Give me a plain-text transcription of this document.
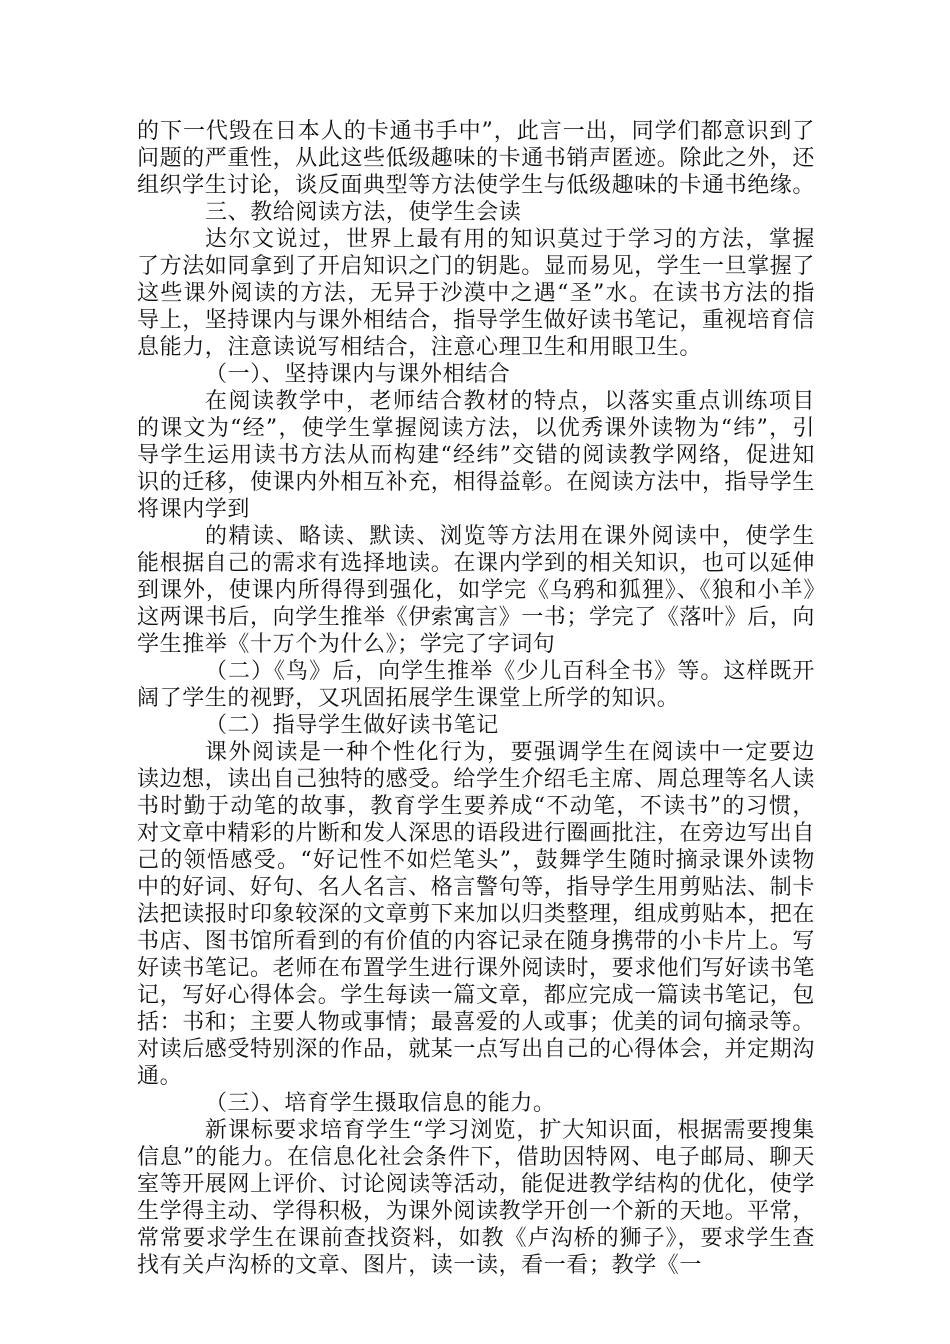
的下一代毁在日本人的卡通书手中”，此言一出，同学们都意识到了问题的严重性，从此这些低级趣味的卡通书销声匿迹。除此之外，还组织学生讨论，谈反面典型等方法使学生与低级趣味的卡通书绝缘。

三、教给阅读方法，使学生会读

达尔文说过，世界上最有用的知识莫过于学习的方法，掌握了方法如同拿到了开启知识之门的钥匙。显而易见，学生一旦掌握了这些课外阅读的方法，无异于沙漠中之遇“圣”水。在读书方法的指导上，坚持课内与课外相结合，指导学生做好读书笔记，重视培育信息能力，注意读说写相结合，注意心理卫生和用眼卫生。

（一）、坚持课内与课外相结合

在阅读教学中，老师结合教材的特点，以落实重点训练项目的课文为“经”，使学生掌握阅读方法，以优秀课外读物为“纬”，引导学生运用读书方法从而构建“经纬”交错的阅读教学网络，促进知识的迁移，使课内外相互补充，相得益彰。在阅读方法中，指导学生将课内学到

的精读、略读、默读、浏览等方法用在课外阅读中，使学生能根据自己的需求有选择地读。在课内学到的相关知识，也可以延伸到课外，使课内所得得到强化，如学完《乌鸦和狐狸》、《狼和小羊》这两课书后，向学生推举《伊索寓言》一书；学完了《落叶》后，向学生推举《十万个为什么》；学完了字词句

（二）《鸟》后，向学生推举《少儿百科全书》等。这样既开阔了学生的视野，又巩固拓展学生课堂上所学的知识。

（二）指导学生做好读书笔记

课外阅读是一种个性化行为，要强调学生在阅读中一定要边读边想，读出自己独特的感受。给学生介绍毛主席、周总理等名人读书时勤于动笔的故事，教育学生要养成“不动笔，不读书”的习惯，对文章中精彩的片断和发人深思的语段进行圈画批注，在旁边写出自己的领悟感受。“好记性不如烂笔头”，鼓舞学生随时摘录课外读物中的好词、好句、名人名言、格言警句等，指导学生用剪贴法、制卡法把读报时印象较深的文章剪下来加以归类整理，组成剪贴本，把在书店、图书馆所看到的有价值的内容记录在随身携带的小卡片上。写好读书笔记。老师在布置学生进行课外阅读时，要求他们写好读书笔记，写好心得体会。学生每读一篇文章，都应完成一篇读书笔记，包括：书和；主要人物或事情；最喜爱的人或事；优美的词句摘录等。对读后感受特别深的作品，就某一点写出自己的心得体会，并定期沟通。

（三）、培育学生摄取信息的能力。

新课标要求培育学生“学习浏览，扩大知识面，根据需要搜集信息”的能力。在信息化社会条件下，借助因特网、电子邮局、聊天室等开展网上评价、讨论阅读等活动，能促进教学结构的优化，使学生学得主动、学得积极，为课外阅读教学开创一个新的天地。平常，常常要求学生在课前查找资料，如教《卢沟桥的狮子》，要求学生查找有关卢沟桥的文章、图片，读一读，看一看；教学《一
